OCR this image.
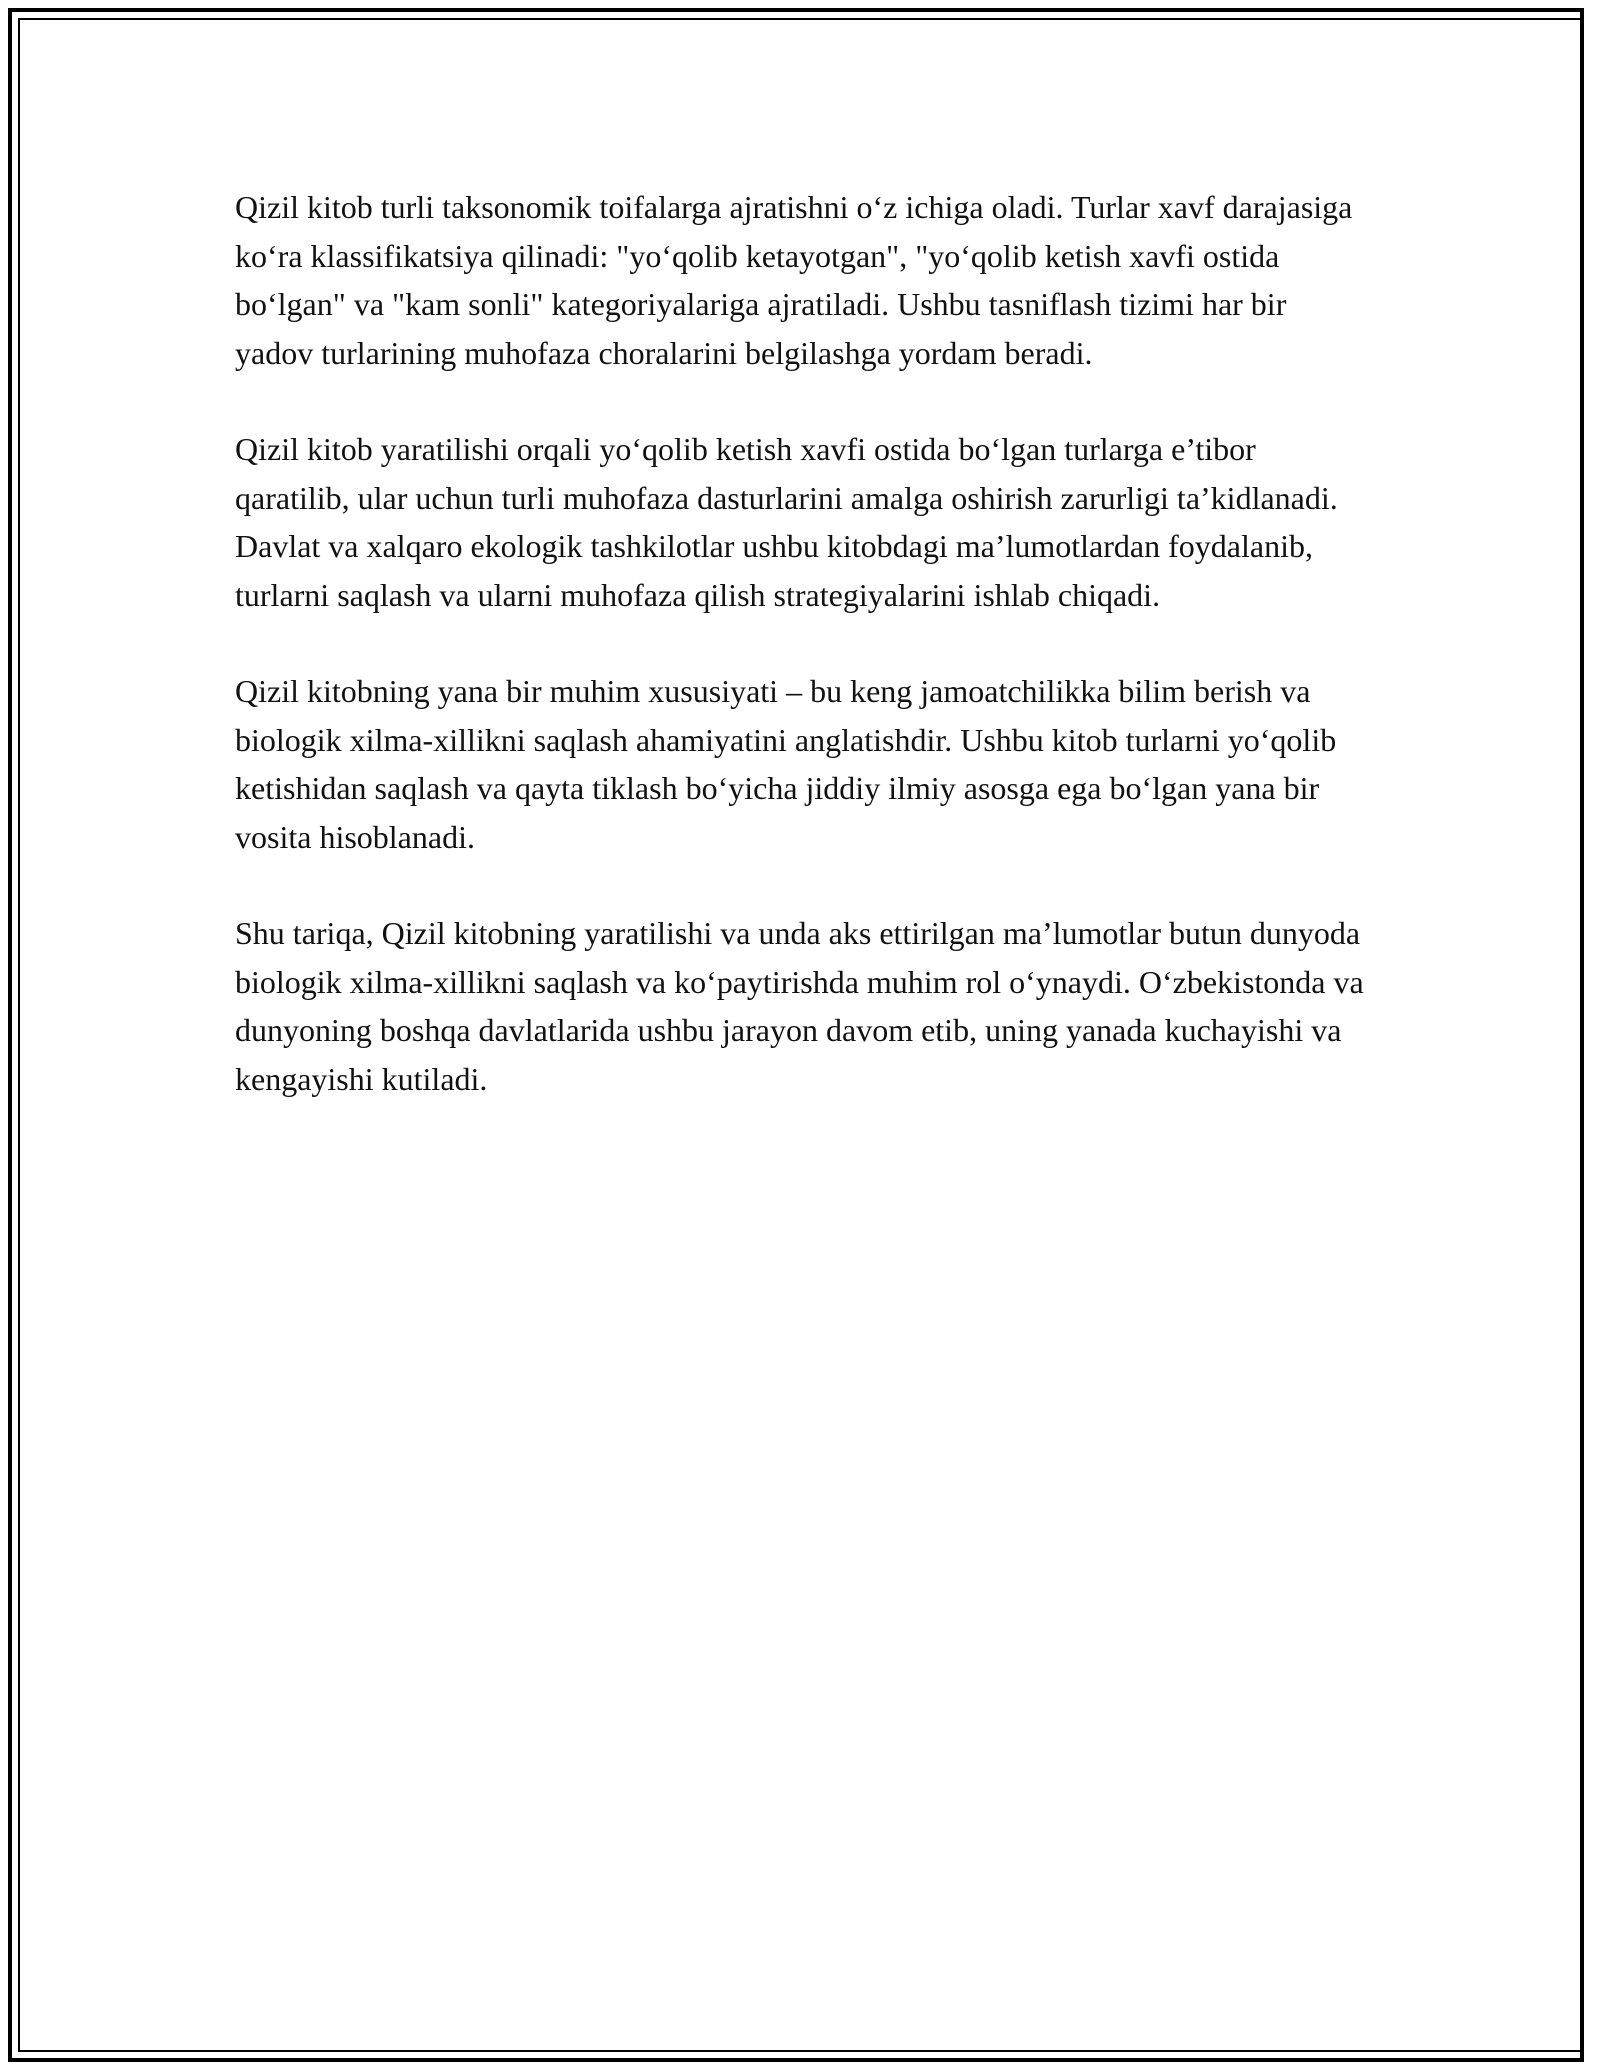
Qizil kitob turli taksonomik toifalarga ajratishni o‘z ichiga oladi. Turlar xavf darajasiga ko‘ra klassifikatsiya qilinadi: "yo‘qolib ketayotgan", "yo‘qolib ketish xavfi ostida bo‘lgan" va "kam sonli" kategoriyalariga ajratiladi. Ushbu tasniflash tizimi har bir yadov turlarining muhofaza choralarini belgilashga yordam beradi.

Qizil kitob yaratilishi orqali yo‘qolib ketish xavfi ostida bo‘lgan turlarga e’tibor qaratilib, ular uchun turli muhofaza dasturlarini amalga oshirish zarurligi ta’kidlanadi. Davlat va xalqaro ekologik tashkilotlar ushbu kitobdagi ma’lumotlardan foydalanib, turlarni saqlash va ularni muhofaza qilish strategiyalarini ishlab chiqadi.

Qizil kitobning yana bir muhim xususiyati – bu keng jamoatchilikka bilim berish va biologik xilma-xillikni saqlash ahamiyatini anglatishdir. Ushbu kitob turlarni yo‘qolib ketishidan saqlash va qayta tiklash bo‘yicha jiddiy ilmiy asosga ega bo‘lgan yana bir vosita hisoblanadi.

Shu tariqa, Qizil kitobning yaratilishi va unda aks ettirilgan ma’lumotlar butun dunyoda biologik xilma-xillikni saqlash va ko‘paytirishda muhim rol o‘ynaydi. O‘zbekistonda va dunyoning boshqa davlatlarida ushbu jarayon davom etib, uning yanada kuchayishi va kengayishi kutiladi.
